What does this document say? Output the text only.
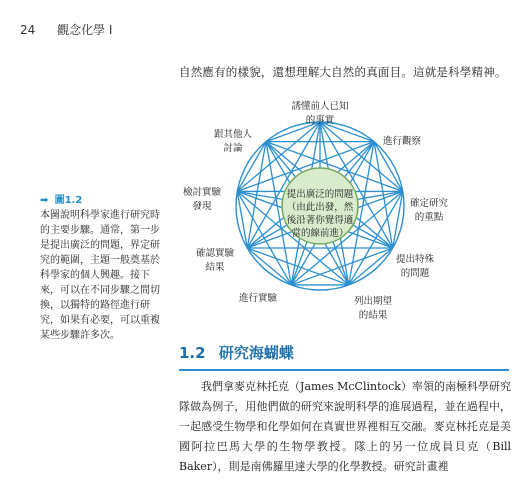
24 觀念化學 I
自然應有的樣貌，還想理解大自然的真面目。這就是科學精神。
➡ 圖1.2
本圖說明科學家進行研究時的主要步驟。通常，第一步是提出廣泛的問題，界定研究的範圍，主題一般奠基於科學家的個人興趣。接下來，可以在不同步驟之間切換，以獨特的路徑進行研究，如果有必要，可以重複某些步驟許多次。
誘懂前人已知
的事實
進行觀察
確定研究
的重點
提出特殊
的問題
列出期望
的結果
進行實驗
確認實驗
結果
檢討實驗
發現
跟其他人
討論
提出廣泛的問題
（由此出發，然
後沿著你覺得適
當的線前進）
1.2 研究海蝴蝶

我們拿麥克林托克（James McClintock）率領的南極科學研究隊做為例子，用他們做的研究來說明科學的進展過程，並在過程中，一起感受生物學和化學如何在真實世界裡相互交融。麥克林托克是美國阿拉巴馬大學的生物學教授。隊上的另一位成員貝克（Bill Baker），則是南佛羅里達大學的化學教授。研究計畫裡
